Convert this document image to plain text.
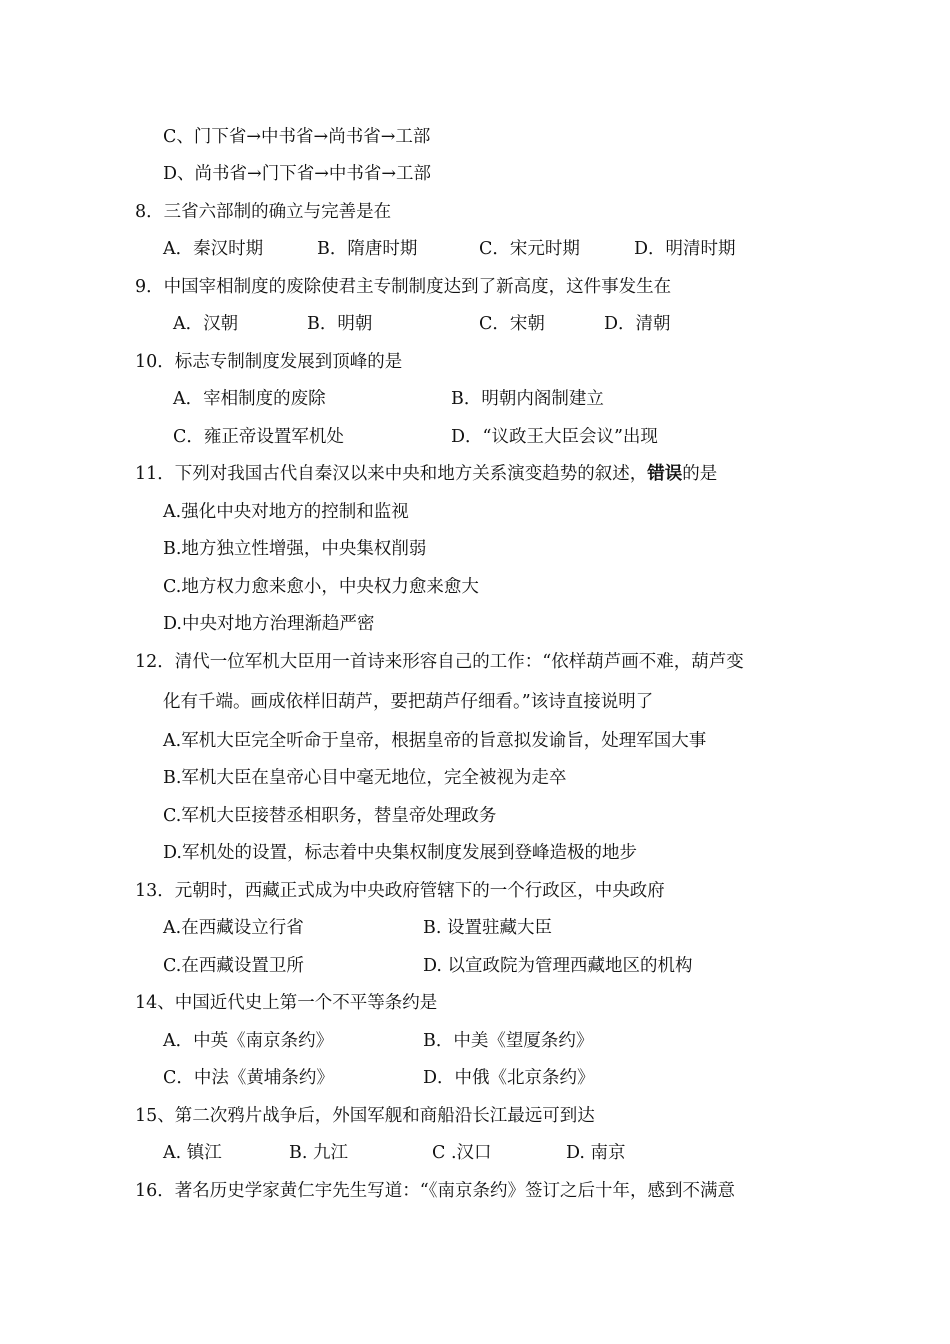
C、门下省→中书省→尚书省→工部
D、尚书省→门下省→中书省→工部
8．三省六部制的确立与完善是在
A．秦汉时期	B．隋唐时期	C．宋元时期	D．明清时期
9．中国宰相制度的废除使君主专制制度达到了新高度，这件事发生在
A．汉朝	B．明朝	C．宋朝	D．清朝
10．标志专制制度发展到顶峰的是
A．宰相制度的废除	B．明朝内阁制建立
C．雍正帝设置军机处	D．“议政王大臣会议”出现
11．下列对我国古代自秦汉以来中央和地方关系演变趋势的叙述，错误的是
A.强化中央对地方的控制和监视
B.地方独立性增强，中央集权削弱
C.地方权力愈来愈小，中央权力愈来愈大
D.中央对地方治理渐趋严密
12．清代一位军机大臣用一首诗来形容自己的工作：“依样葫芦画不难，葫芦变
化有千端。画成依样旧葫芦，要把葫芦仔细看。”该诗直接说明了
A.军机大臣完全听命于皇帝，根据皇帝的旨意拟发谕旨，处理军国大事
B.军机大臣在皇帝心目中毫无地位，完全被视为走卒
C.军机大臣接替丞相职务，替皇帝处理政务
D.军机处的设置，标志着中央集权制度发展到登峰造极的地步
13．元朝时，西藏正式成为中央政府管辖下的一个行政区，中央政府
A.在西藏设立行省	B. 设置驻藏大臣
C.在西藏设置卫所	D. 以宣政院为管理西藏地区的机构
14、中国近代史上第一个不平等条约是
A．中英《南京条约》	B．中美《望厦条约》
C．中法《黄埔条约》	D．中俄《北京条约》
15、第二次鸦片战争后，外国军舰和商船沿长江最远可到达
A. 镇江	B. 九江	C .汉口	D. 南京
16．著名历史学家黄仁宇先生写道：“《南京条约》签订之后十年，感到不满意
